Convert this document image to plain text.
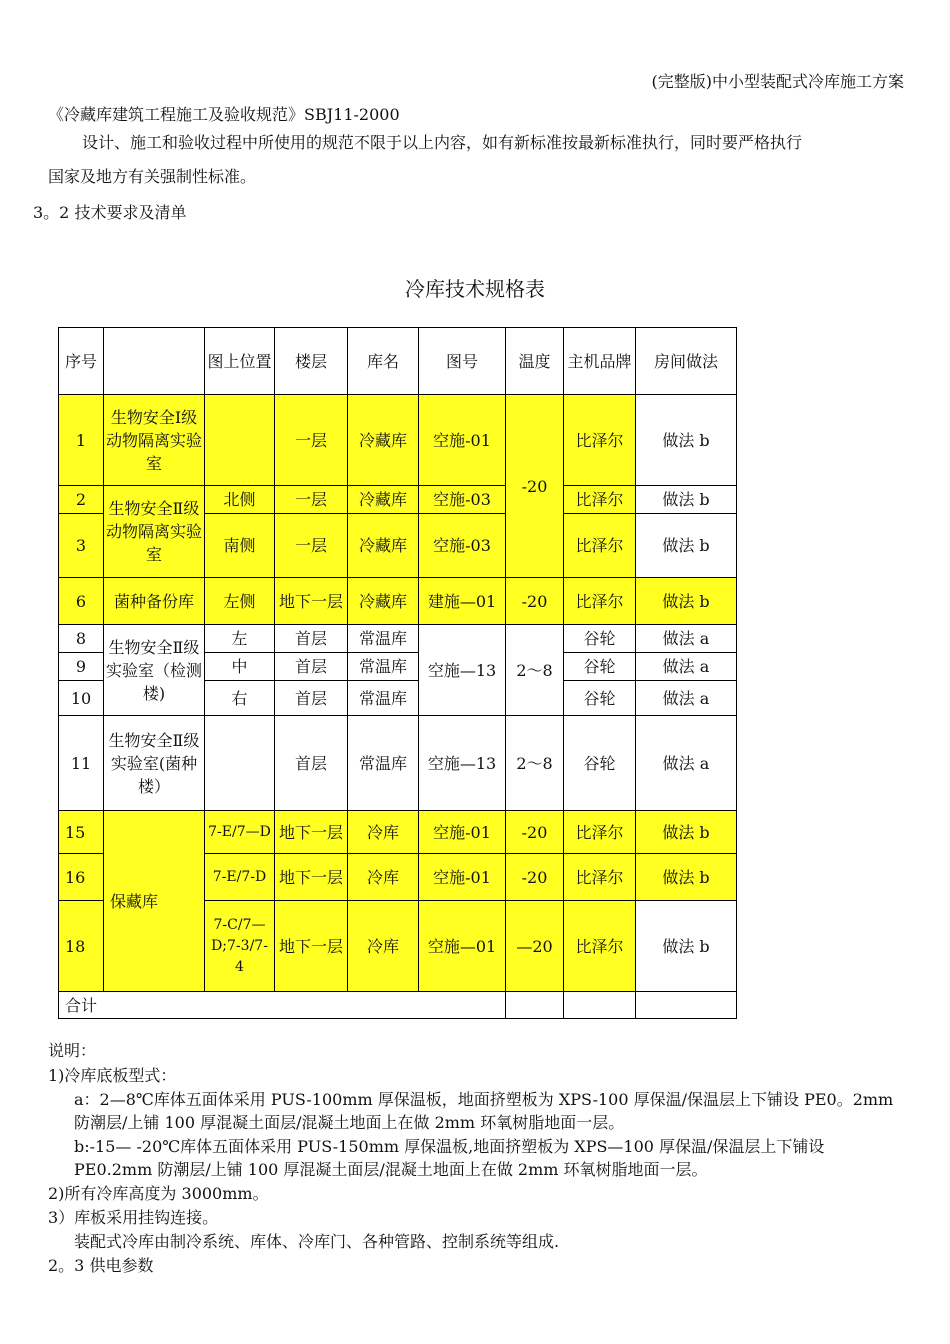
(完整版)中小型装配式冷库施工方案
《冷藏库建筑工程施工及验收规范》SBJ11-2000
设计、施工和验收过程中所使用的规范不限于以上内容，如有新标准按最新标准执行，同时要严格执行
国家及地方有关强制性标准。
3。2 技术要求及清单
冷库技术规格表
序号		图上位置	楼层	库名	图号	温度	主机品牌	房间做法
1	生物安全Ⅰ级动物隔离实验室		一层	冷藏库	空施-01	-20	比泽尔	做法 b
2	生物安全Ⅱ级动物隔离实验室	北侧	一层	冷藏库	空施-03		比泽尔	做法 b
3		南侧	一层	冷藏库	空施-03		比泽尔	做法 b
6	菌种备份库	左侧	地下一层	冷藏库	建施—01	-20	比泽尔	做法 b
8	生物安全Ⅱ级实验室（检测楼)	左	首层	常温库	空施—13	2～8	谷轮	做法 a
9		中	首层	常温库			谷轮	做法 a
10		右	首层	常温库			谷轮	做法 a
11	生物安全Ⅱ级实验室(菌种楼）		首层	常温库	空施—13	2～8	谷轮	做法 a
15	保藏库	7-E/7—D	地下一层	冷库	空施-01	-20	比泽尔	做法 b
16		7-E/7-D	地下一层	冷库	空施-01	-20	比泽尔	做法 b
18		7-C/7—D;7-3/7-4	地下一层	冷库	空施—01	—20	比泽尔	做法 b
合计								
说明：
1)冷库底板型式：
a：2—8℃库体五面体采用 PUS-100mm 厚保温板，地面挤塑板为 XPS-100 厚保温/保温层上下铺设 PE0。2mm
防潮层/上铺 100 厚混凝土面层/混凝土地面上在做 2mm 环氧树脂地面一层。
b:-15— -20℃库体五面体采用 PUS-150mm 厚保温板,地面挤塑板为 XPS—100 厚保温/保温层上下铺设
PE0.2mm 防潮层/上铺 100 厚混凝土面层/混凝土地面上在做 2mm 环氧树脂地面一层。
2)所有冷库高度为 3000mm。
3）库板采用挂钩连接。
装配式冷库由制冷系统、库体、冷库门、各种管路、控制系统等组成.
2。3 供电参数
